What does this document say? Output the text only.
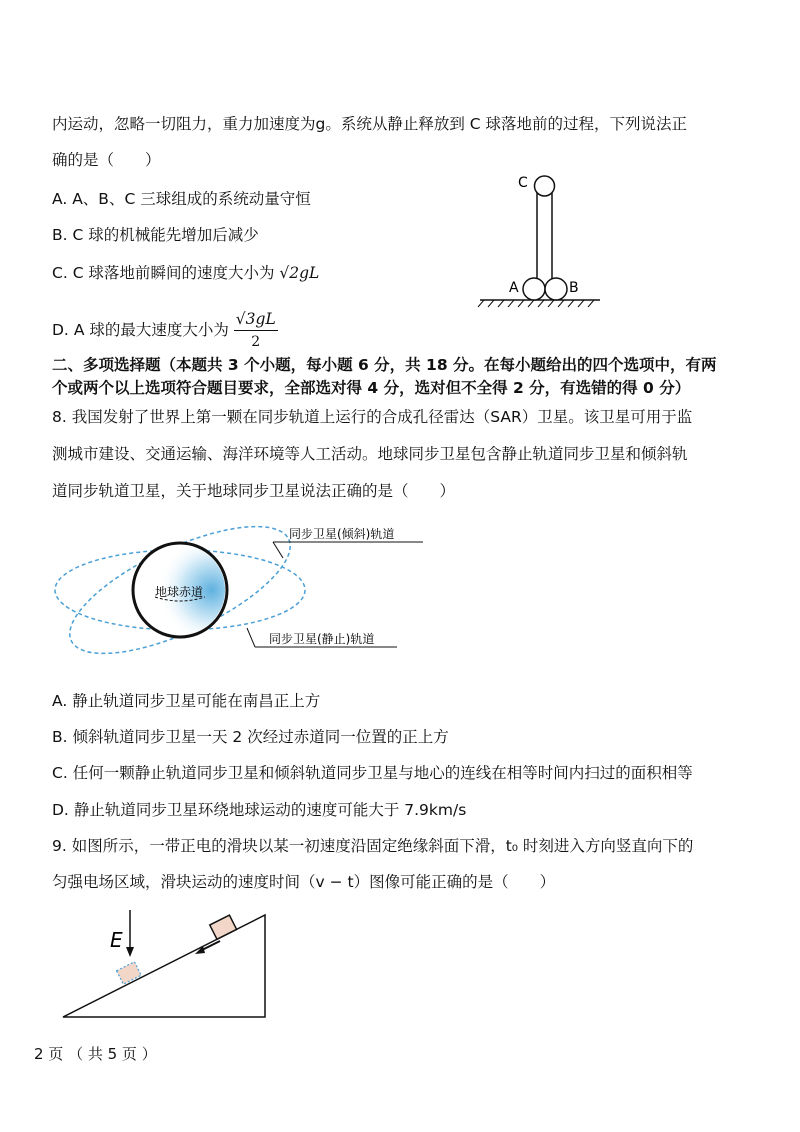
内运动，忽略一切阻力，重力加速度为g。系统从静止释放到 C 球落地前的过程，下列说法正
确的是（　　）
A. A、B、C 三球组成的系统动量守恒
B. C 球的机械能先增加后减少
C. C 球落地前瞬间的速度大小为 √2gL
D. A 球的最大速度大小为 $\frac{√3gL}{2}$
C
A	B
二、多项选择题（本题共 3 个小题，每小题 6 分，共 18 分。在每小题给出的四个选项中，有两
个或两个以上选项符合题目要求，全部选对得 4 分，选对但不全得 2 分，有选错的得 0 分）
8. 我国发射了世界上第一颗在同步轨道上运行的合成孔径雷达（SAR）卫星。该卫星可用于监
测城市建设、交通运输、海洋环境等人工活动。地球同步卫星包含静止轨道同步卫星和倾斜轨
道同步轨道卫星，关于地球同步卫星说法正确的是（　　）
地球赤道
同步卫星(倾斜)轨道
同步卫星(静止)轨道
A. 静止轨道同步卫星可能在南昌正上方
B. 倾斜轨道同步卫星一天 2 次经过赤道同一位置的正上方
C. 任何一颗静止轨道同步卫星和倾斜轨道同步卫星与地心的连线在相等时间内扫过的面积相等
D. 静止轨道同步卫星环绕地球运动的速度可能大于 7.9km/s
9. 如图所示，一带正电的滑块以某一初速度沿固定绝缘斜面下滑，t₀ 时刻进入方向竖直向下的
匀强电场区域，滑块运动的速度时间（v − t）图像可能正确的是（　　）
E
2 页 （ 共 5 页 ）
